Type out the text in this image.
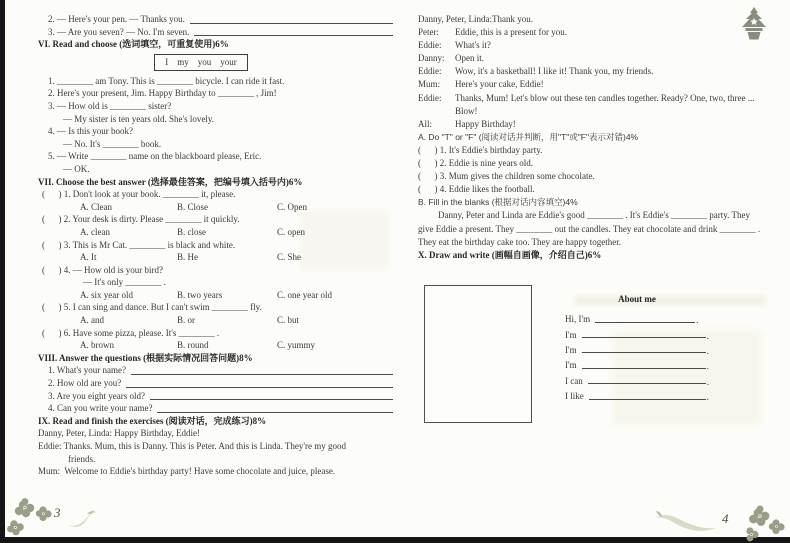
2. — Here's your pen. — Thanks you.
3. — Are you seven? — No. I'm seven.
VI. Read and choose (选词填空，可重复使用)6%
I    my    you    your
1. ________ am Tony. This is ________ bicycle. I can ride it fast.
2. Here's your present, Jim. Happy Birthday to ________ , Jim!
3. — How old is ________ sister?
— My sister is ten years old. She's lovely.
4. — Is this your book?
— No. It's ________ book.
5. — Write ________ name on the blackboard please, Eric.
— OK.
VII. Choose the best answer (选择最佳答案，把编号填入括号内)6%
(      ) 1. Don't look at your book. ________ it, please.
A. Clean	B. Close	C. Open
(      ) 2. Your desk is dirty. Please ________ it quickly.
A. clean	B. close	C. open
(      ) 3. This is Mr Cat. ________ is black and white.
A. It	B. He	C. She
(      ) 4. — How old is your bird?
— It's only ________ .
A. six year old	B. two years	C. one year old
(      ) 5. I can sing and dance. But I can't swim ________ fly.
A. and	B. or	C. but
(      ) 6. Have some pizza, please. It's ________ .
A. brown	B. round	C. yummy
VIII. Answer the questions (根据实际情况回答问题)8%
1. What's your name?
2. How old are you?
3. Are you eight years old?
4. Can you write your name?
IX. Read and finish the exercises (阅读对话，完成练习)8%
Danny, Peter, Linda: Happy Birthday, Eddie!
Eddie: Thanks. Mum, this is Danny. This is Peter. And this is Linda. They're my good
friends.
Mum:  Welcome to Eddie's birthday party! Have some chocolate and juice, please.
Danny, Peter, Linda: Thank you.
Peter:	Eddie, this is a present for you.
Eddie:	What's it?
Danny:	Open it.
Eddie:	Wow, it's a basketball! I like it! Thank you, my friends.
Mum:	Here's your cake, Eddie!
Eddie:	Thanks, Mum! Let's blow out these ten candles together. Ready? One, two, three ...
Blow!
All:	Happy Birthday!
A. Do "T" or "F" (阅读对话并判断，用"T"或"F"表示对错)4%
(      ) 1. It's Eddie's birthday party.
(      ) 2. Eddie is nine years old.
(      ) 3. Mum gives the children some chocolate.
(      ) 4. Eddie likes the football.
B. Fill in the blanks (根据对话内容填空)4%
Danny, Peter and Linda are Eddie's good ________ . It's Eddie's ________ party. They
give Eddie a present. They ________ out the candles. They eat chocolate and drink ________ .
They eat the birthday cake too. They are happy together.
X. Draw and write (画幅自画像，介绍自己)6%
About me
Hi, I'm	.
I'm	.
I'm	.
I'm	.
I can	.
I like	.
3	4
